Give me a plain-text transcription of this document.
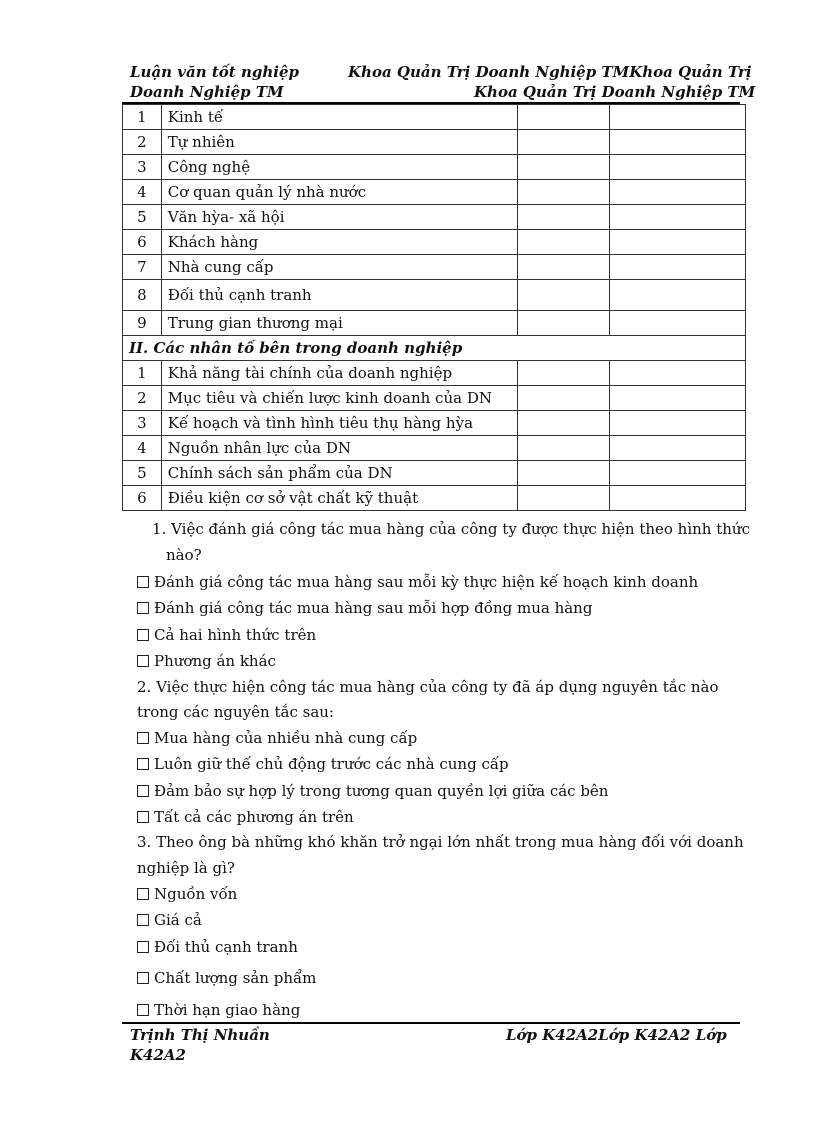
Luận văn tốt nghiệp	Khoa Quản Trị Doanh Nghiệp TMKhoa Quản Trị
Doanh Nghiệp TM	Khoa Quản Trị Doanh Nghiệp TM
1	Kinh tế		
2	Tự nhiên		
3	Công nghệ		
4	Cơ quan quản lý nhà nước		
5	Văn hỳa- xã hội		
6	Khách hàng		
7	Nhà cung cấp		
8	Đối thủ cạnh tranh		
9	Trung gian thương mại		
II. Các nhân tố bên trong doanh nghiệp			
1	Khả năng tài chính của doanh nghiệp		
2	Mục tiêu và chiến lược kinh doanh của DN		
3	Kế hoạch và tình hình tiêu thụ hàng hỳa		
4	Nguồn nhân lực của DN		
5	Chính sách sản phẩm của DN		
6	Điều kiện cơ sở vật chất kỹ thuật		
1. Việc đánh giá công tác mua hàng của công ty được thực hiện theo hình thức
nào?
Đánh giá công tác mua hàng sau mỗi kỳ thực hiện kế hoạch kinh doanh
Đánh giá công tác mua hàng sau mỗi hợp đồng mua hàng
Cả hai hình thức trên
Phương án khác
2. Việc thực hiện công tác mua hàng của công ty đã áp dụng nguyên tắc nào
trong các nguyên tắc sau:
Mua hàng của nhiều nhà cung cấp
Luôn giữ thế chủ động trước các nhà cung cấp
Đảm bảo sự hợp lý trong tương quan quyền lợi giữa các bên
Tất cả các phương án trên
3. Theo ông bà những khó khăn trở ngại lớn nhất trong mua hàng đối với doanh
nghiệp là gì?
Nguồn vốn
Giá cả
Đối thủ cạnh tranh
Chất lượng sản phẩm
Thời hạn giao hàng
Trịnh Thị Nhuần	Lớp K42A2Lớp K42A2 Lớp
K42A2
